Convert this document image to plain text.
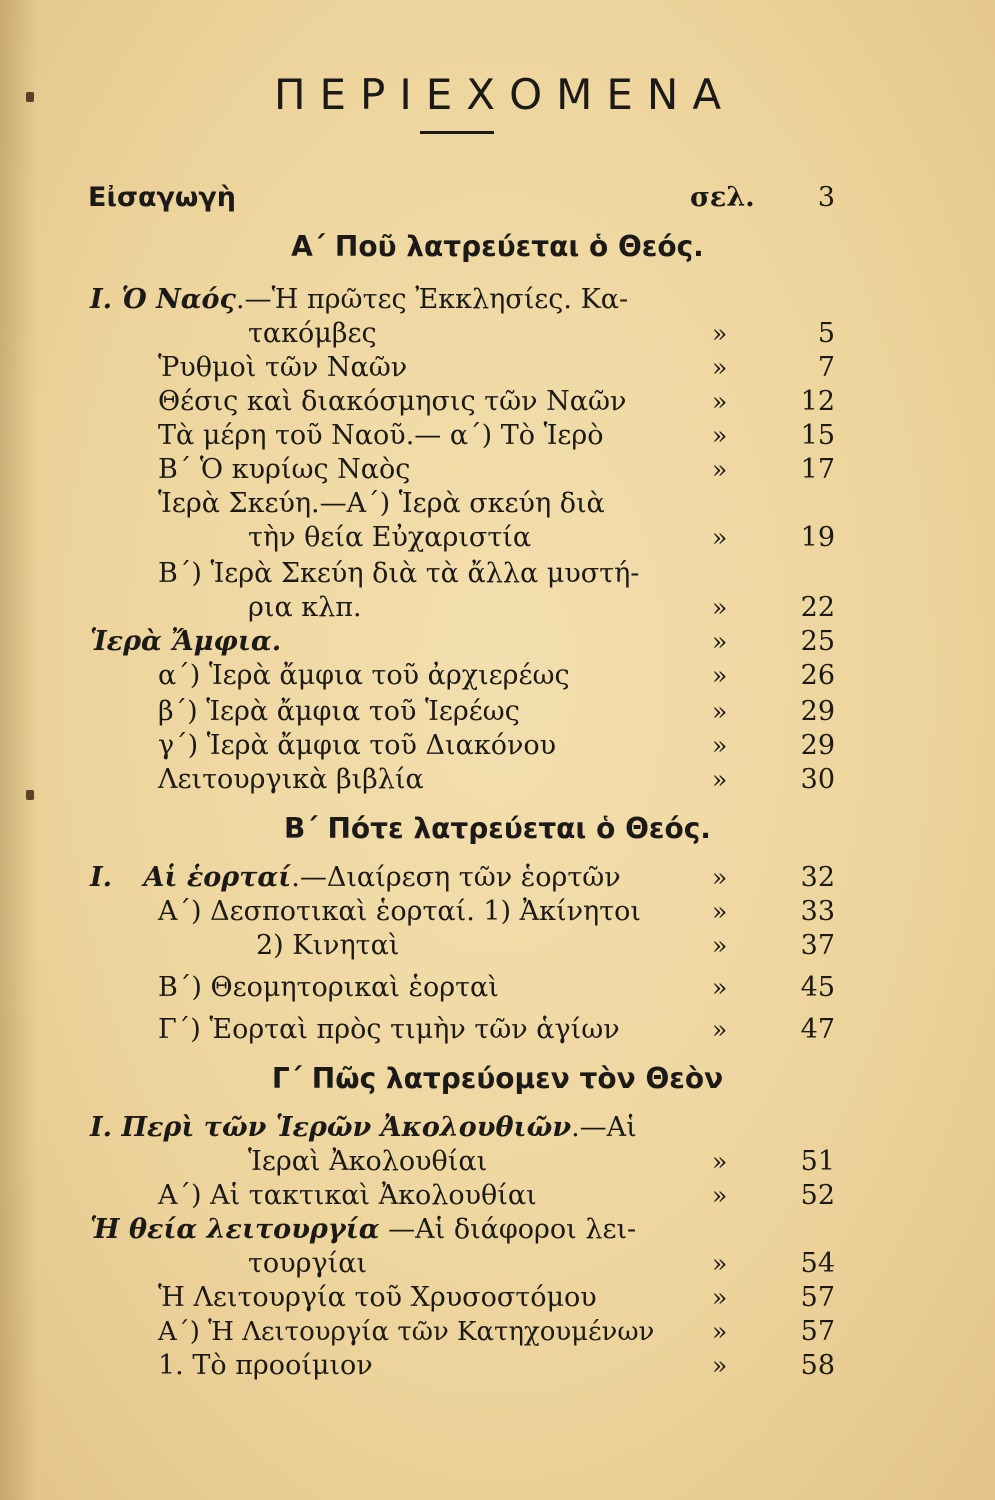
ΠΕΡΙΕΧΟΜΕΝΑ
Εἰσαγωγὴ	σελ. 3
Α΄ Ποῦ λατρεύεται ὁ Θεός.
Ι. Ὁ Ναός.—Ἡ πρῶτες Ἐκκλησίες. Κα-
τακόμβες	»	5
Ῥυθμοὶ τῶν Ναῶν	»	7
Θέσις καὶ διακόσμησις τῶν Ναῶν	»	12
Τὰ μέρη τοῦ Ναοῦ.— α΄) Τὸ Ἱερὸ	»	15
Β΄ Ὁ κυρίως Ναὸς	»	17
Ἱερὰ Σκεύη.—Α΄) Ἱερὰ σκεύη διὰ
τὴν θεία Εὐχαριστία	»	19
Β΄) Ἱερὰ Σκεύη διὰ τὰ ἄλλα μυστή-
ρια κλπ.	»	22
Ἱερὰ Ἄμφια.	»	25
α΄) Ἱερὰ ἄμφια τοῦ ἀρχιερέως	»	26
β΄) Ἱερὰ ἄμφια τοῦ Ἱερέως	»	29
γ΄) Ἱερὰ ἄμφια τοῦ Διακόνου	»	29
Λειτουργικὰ βιβλία	»	30
Β΄ Πότε λατρεύεται ὁ Θεός.
Ι. Αἱ ἑορταί.—Διαίρεση τῶν ἑορτῶν	»	32
Α΄) Δεσποτικαὶ ἑορταί. 1) Ἀκίνητοι	»	33
2) Κινηταὶ	»	37
Β΄) Θεομητορικαὶ ἑορταὶ	»	45
Γ΄) Ἑορταὶ πρὸς τιμὴν τῶν ἁγίων	»	47
Γ΄ Πῶς λατρεύομεν τὸν Θεὸν
Ι. Περὶ τῶν Ἱερῶν Ἀκολουθιῶν.—Αἱ
Ἱεραὶ Ἀκολουθίαι	»	51
Α΄) Αἱ τακτικαὶ Ἀκολουθίαι	»	52
Ἡ θεία λειτουργία —Αἱ διάφοροι λει-
τουργίαι	»	54
Ἡ Λειτουργία τοῦ Χρυσοστόμου	»	57
Α΄) Ἡ Λειτουργία τῶν Κατηχουμένων »	57
1. Τὸ προοίμιον	»	58
